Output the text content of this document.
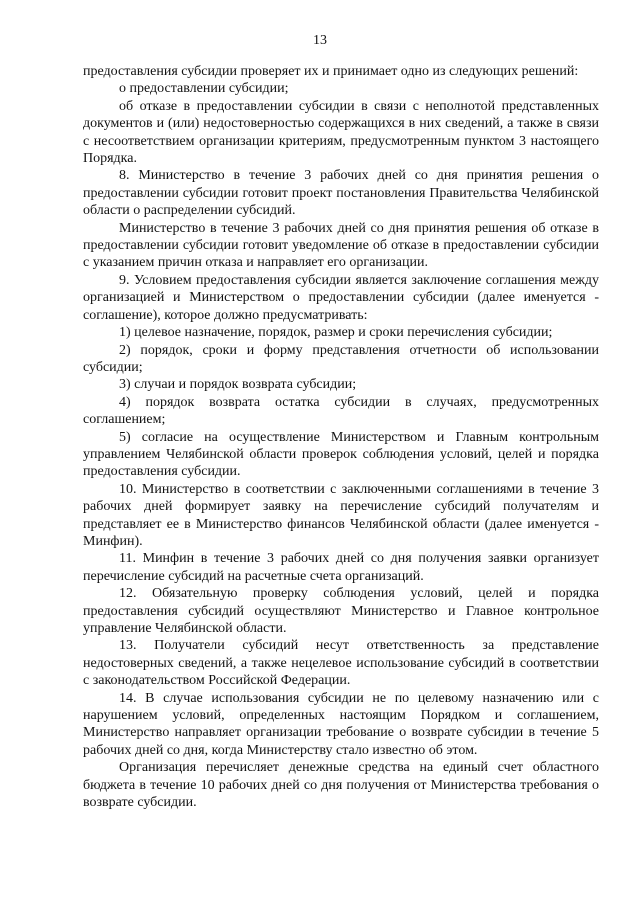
13

предоставления субсидии проверяет их и принимает одно из следующих решений:

о предоставлении субсидии;

об отказе в предоставлении субсидии в связи с неполнотой представленных документов и (или) недостоверностью содержащихся в них сведений, а также в связи с несоответствием организации критериям, предусмотренным пунктом 3 настоящего Порядка.

8. Министерство в течение 3 рабочих дней со дня принятия решения о предоставлении субсидии готовит проект постановления Правительства Челябинской области о распределении субсидий.

Министерство в течение 3 рабочих дней со дня принятия решения об отказе в предоставлении субсидии готовит уведомление об отказе в предоставлении субсидии с указанием причин отказа и направляет его организации.

9. Условием предоставления субсидии является заключение соглашения между организацией и Министерством о предоставлении субсидии (далее именуется - соглашение), которое должно предусматривать:

1) целевое назначение, порядок, размер и сроки перечисления субсидии;

2) порядок, сроки и форму представления отчетности об использовании субсидии;

3) случаи и порядок возврата субсидии;

4) порядок возврата остатка субсидии в случаях, предусмотренных соглашением;

5) согласие на осуществление Министерством и Главным контрольным управлением Челябинской области проверок соблюдения условий, целей и порядка предоставления субсидии.

10. Министерство в соответствии с заключенными соглашениями в течение 3 рабочих дней формирует заявку на перечисление субсидий получателям и представляет ее в Министерство финансов Челябинской области (далее именуется - Минфин).

11. Минфин в течение 3 рабочих дней со дня получения заявки организует перечисление субсидий на расчетные счета организаций.

12. Обязательную проверку соблюдения условий, целей и порядка предоставления субсидий осуществляют Министерство и Главное контрольное управление Челябинской области.

13. Получатели субсидий несут ответственность за представление недостоверных сведений, а также нецелевое использование субсидий в соответствии с законодательством Российской Федерации.

14. В случае использования субсидии не по целевому назначению или с нарушением условий, определенных настоящим Порядком и соглашением, Министерство направляет организации требование о возврате субсидии в течение 5 рабочих дней со дня, когда Министерству стало известно об этом.

Организация перечисляет денежные средства на единый счет областного бюджета в течение 10 рабочих дней со дня получения от Министерства требования о возврате субсидии.
